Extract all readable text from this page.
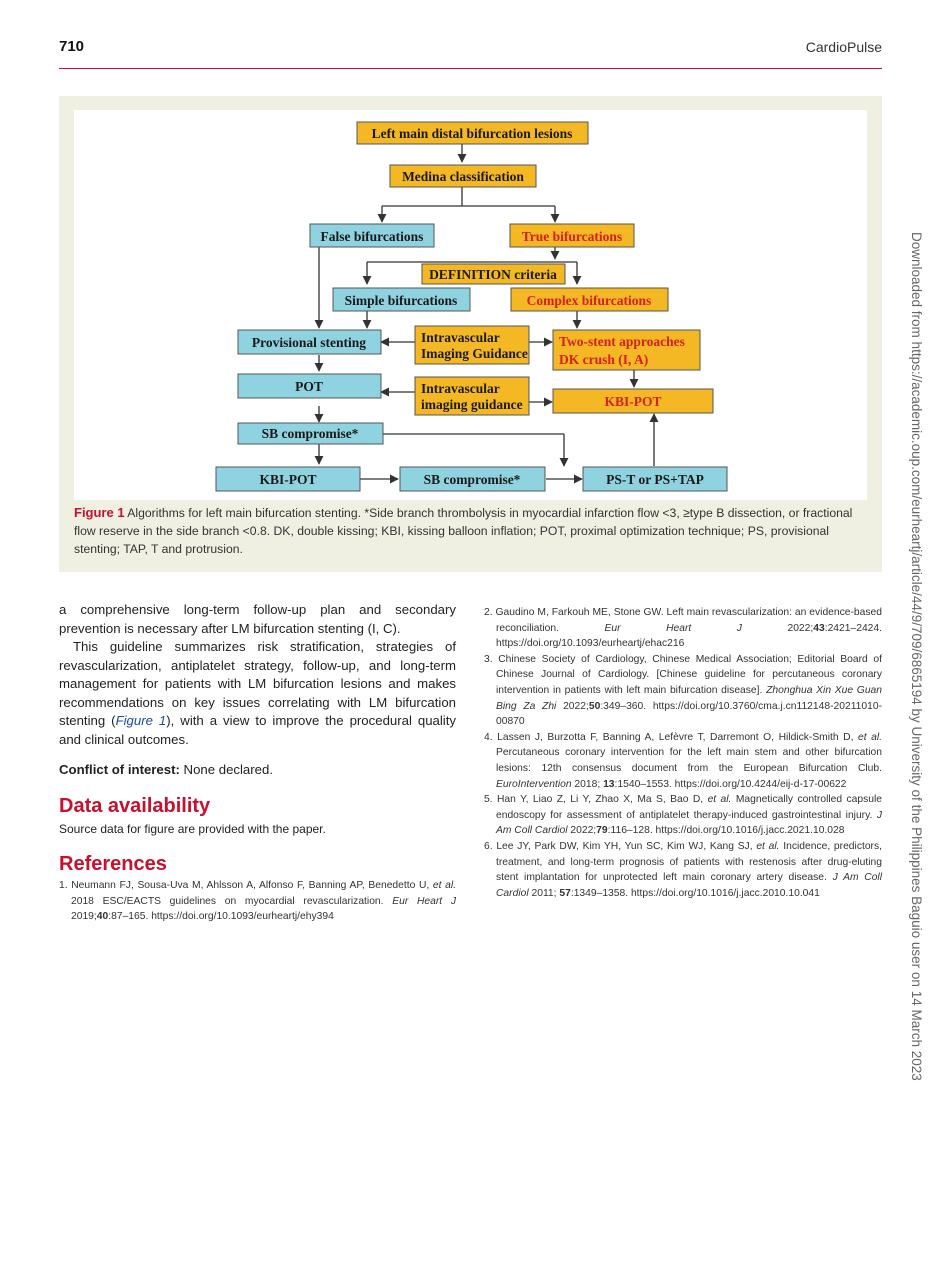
710	CardioPulse
Left main distal bifurcation lesions
Medina classification
False bifurcations	True bifurcations
DEFINITION criteria
Simple bifurcations	Complex bifurcations
Provisional stenting	Intravascular
Imaging Guidance
Two-stent approaches
DK crush (I, A)
POT	Intravascular
imaging guidance	KBI-POT
SB compromise*
KBI-POT	SB compromise*	PS-T or PS+TAP
Figure 1 Algorithms for left main bifurcation stenting. *Side branch thrombolysis in myocardial infarction flow <3, ≥type B dissection, or fractional flow reserve in the side branch <0.8. DK, double kissing; KBI, kissing balloon inflation; POT, proximal optimization technique; PS, provisional stenting; TAP, T and protrusion.

a comprehensive long-term follow-up plan and secondary prevention is necessary after LM bifurcation stenting (I, C).

This guideline summarizes risk stratification, strategies of revascularization, antiplatelet strategy, follow-up, and long-term management for patients with LM bifurcation lesions and makes recommendations on key issues correlating with LM bifurcation stenting (Figure 1), with a view to improve the procedural quality and clinical outcomes.

Conflict of interest: None declared.

Data availability

Source data for figure are provided with the paper.

References
1. Neumann FJ, Sousa-Uva M, Ahlsson A, Alfonso F, Banning AP, Benedetto U, et al. 2018 ESC/EACTS guidelines on myocardial revascularization. Eur Heart J 2019;40:87–165. https://doi.org/10.1093/eurheartj/ehy394
2. Gaudino M, Farkouh ME, Stone GW. Left main revascularization: an evidence-based reconciliation. Eur Heart J 2022;43:2421–2424. https://doi.org/10.1093/eurheartj/ehac216
3. Chinese Society of Cardiology, Chinese Medical Association; Editorial Board of Chinese Journal of Cardiology. [Chinese guideline for percutaneous coronary intervention in patients with left main bifurcation disease]. Zhonghua Xin Xue Guan Bing Za Zhi 2022;50:349–360. https://doi.org/10.3760/cma.j.cn112148-20211010-00870
4. Lassen J, Burzotta F, Banning A, Lefèvre T, Darremont O, Hildick-Smith D, et al. Percutaneous coronary intervention for the left main stem and other bifurcation lesions: 12th consensus document from the European Bifurcation Club. EuroIntervention 2018; 13:1540–1553. https://doi.org/10.4244/eij-d-17-00622
5. Han Y, Liao Z, Li Y, Zhao X, Ma S, Bao D, et al. Magnetically controlled capsule endoscopy for assessment of antiplatelet therapy-induced gastrointestinal injury. J Am Coll Cardiol 2022;79:116–128. https://doi.org/10.1016/j.jacc.2021.10.028
6. Lee JY, Park DW, Kim YH, Yun SC, Kim WJ, Kang SJ, et al. Incidence, predictors, treatment, and long-term prognosis of patients with restenosis after drug-eluting stent implantation for unprotected left main coronary artery disease. J Am Coll Cardiol 2011; 57:1349–1358. https://doi.org/10.1016/j.jacc.2010.10.041	Downloaded from https://academic.oup.com/eurheartj/article/44/9/709/6865194 by University of the Philippines Baguio user on 14 March 2023
